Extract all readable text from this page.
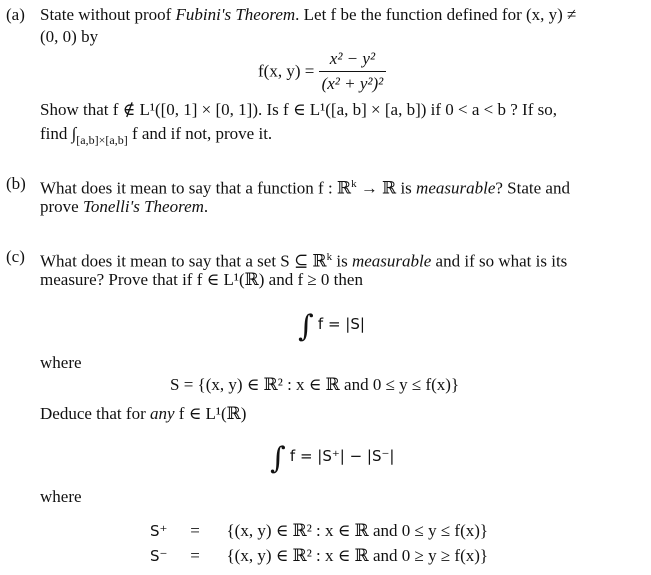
(a) State without proof Fubini's Theorem. Let f be the function defined for (x, y) ≠
(0, 0) by
f(x, $y) = \frac{\text{x² − y²}}{\text{(x² + y²)²}}$
Show that f ∉ L¹([0, 1] × [0, 1]). Is f ∈ L¹([a, b] × [a, b]) if 0 < a < b ? If so,
find $\int_{[a,b]\times[a,b]}$ f and if not, prove it.
(b) What does it mean to say that a function f : ℝ$^k$ → ℝ is measurable? State and
prove Tonelli's Theorem.
(c) What does it mean to say that a set S ⊆ ℝ$^k$ is measurable and if so what is its
measure? Prove that if f ∈ L¹(ℝ) and f ≥ 0 then
∫ f = |S|
where
S = {(x, y) ∈ ℝ² : x ∈ ℝ and 0 ≤ y ≤ f(x)}
Deduce that for any f ∈ L¹(ℝ)
∫ f = |S⁺| − |S⁻|
where
S⁺ = {(x, y) ∈ ℝ² : x ∈ ℝ and 0 ≤ y ≤ f(x)}
S⁻ = {(x, y) ∈ ℝ² : x ∈ ℝ and 0 ≥ y ≥ f(x)}
